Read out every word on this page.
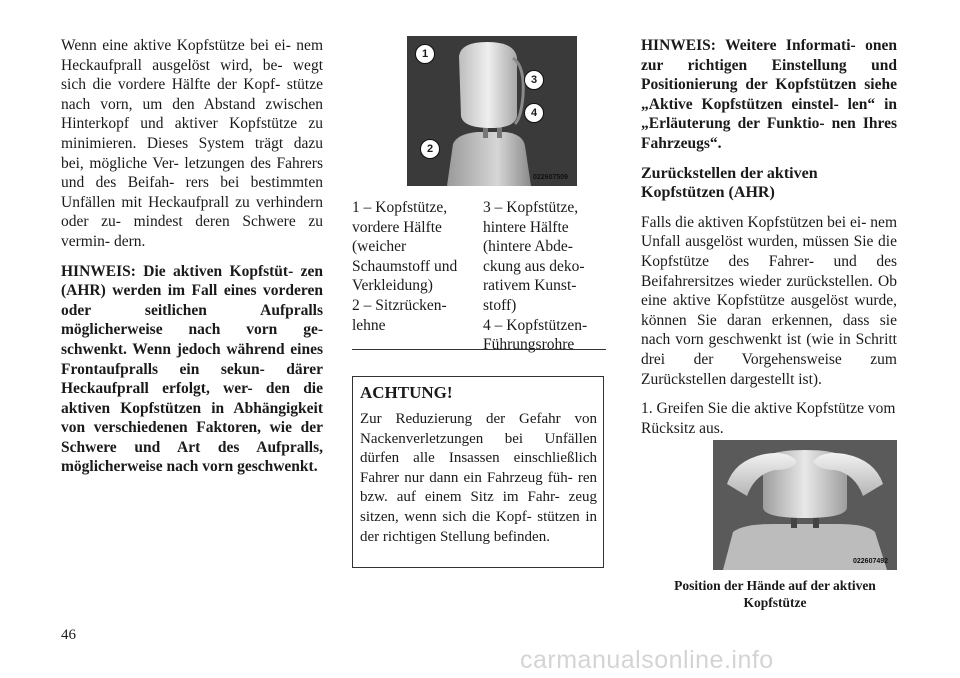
Wenn eine aktive Kopfstütze bei ei- nem Heckaufprall ausgelöst wird, be- wegt sich die vordere Hälfte der Kopf- stütze nach vorn, um den Abstand zwischen Hinterkopf und aktiver Kopfstütze zu minimieren. Dieses System trägt dazu bei, mögliche Ver- letzungen des Fahrers und des Beifah- rers bei bestimmten Unfällen mit Heckaufprall zu verhindern oder zu- mindest deren Schwere zu vermin- dern.

HINWEIS: Die aktiven Kopfstüt- zen (AHR) werden im Fall eines vorderen oder seitlichen Aufpralls möglicherweise nach vorn ge- schwenkt. Wenn jedoch während eines Frontaufpralls ein sekun- därer Heckaufprall erfolgt, wer- den die aktiven Kopfstützen in Abhängigkeit von verschiedenen Faktoren, wie der Schwere und Art des Aufpralls, möglicherweise nach vorn geschwenkt.

1
2
3
4
022607509
1 – Kopfstütze, vordere Hälfte (weicher Schaumstoff und Verkleidung)
2 – Sitzrücken- lehne
3 – Kopfstütze, hintere Hälfte (hintere Abde- ckung aus deko- rativem Kunst- stoff)
4 – Kopfstützen- Führungsrohre
ACHTUNG!
Zur Reduzierung der Gefahr von Nackenverletzungen bei Unfällen dürfen alle Insassen einschließlich Fahrer nur dann ein Fahrzeug füh- ren bzw. auf einem Sitz im Fahr- zeug sitzen, wenn sich die Kopf- stützen in der richtigen Stellung befinden.

HINWEIS: Weitere Informati- onen zur richtigen Einstellung und Positionierung der Kopfstützen siehe „Aktive Kopfstützen einstel- len“ in „Erläuterung der Funktio- nen Ihres Fahrzeugs“.

Zurückstellen der aktiven Kopfstützen (AHR)

Falls die aktiven Kopfstützen bei ei- nem Unfall ausgelöst wurden, müssen Sie die Kopfstütze des Fahrer- und des Beifahrersitzes wieder zurückstellen. Ob eine aktive Kopfstütze ausgelöst wurde, können Sie daran erkennen, dass sie nach vorn geschwenkt ist (wie in Schritt drei der Vorgehensweise zum Zurückstellen dargestellt ist).

1. Greifen Sie die aktive Kopfstütze vom Rücksitz aus.

022607492
Position der Hände auf der aktiven Kopfstütze
46
carmanualsonline.info
